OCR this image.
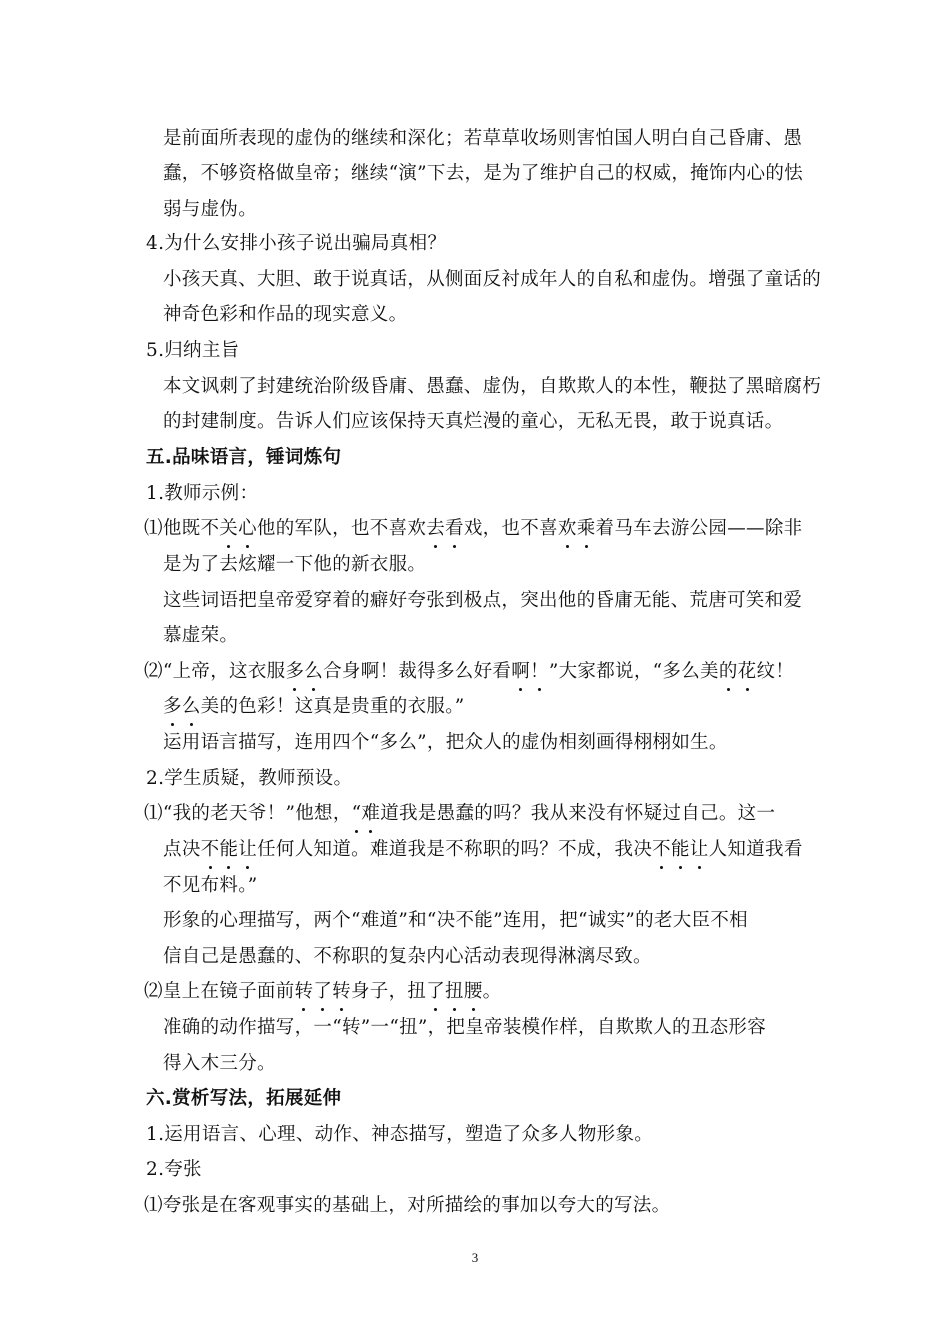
是前面所表现的虚伪的继续和深化；若草草收场则害怕国人明白自己昏庸、愚
蠢，不够资格做皇帝；继续“演”下去，是为了维护自己的权威，掩饰内心的怯
弱与虚伪。
4.为什么安排小孩子说出骗局真相？
小孩天真、大胆、敢于说真话，从侧面反衬成年人的自私和虚伪。增强了童话的
神奇色彩和作品的现实意义。
5.归纳主旨
本文讽刺了封建统治阶级昏庸、愚蠢、虚伪，自欺欺人的本性，鞭挞了黑暗腐朽
的封建制度。告诉人们应该保持天真烂漫的童心，无私无畏，敢于说真话。
五.品味语言，锤词炼句
1.教师示例：
⑴他既不关心他的军队，也不喜欢去看戏，也不喜欢乘着马车去游公园——除非
是为了去炫耀一下他的新衣服。
这些词语把皇帝爱穿着的癖好夸张到极点，突出他的昏庸无能、荒唐可笑和爱
慕虚荣。
⑵“上帝，这衣服多么合身啊！裁得多么好看啊！”大家都说，“多么美的花纹！
多么美的色彩！这真是贵重的衣服。”
运用语言描写，连用四个“多么”，把众人的虚伪相刻画得栩栩如生。
2.学生质疑，教师预设。
⑴“我的老天爷！”他想，“难道我是愚蠢的吗？我从来没有怀疑过自己。这一
点决不能让任何人知道。难道我是不称职的吗？不成，我决不能让人知道我看
不见布料。”
形象的心理描写，两个“难道”和“决不能”连用，把“诚实”的老大臣不相
信自己是愚蠢的、不称职的复杂内心活动表现得淋漓尽致。
⑵皇上在镜子面前转了转身子，扭了扭腰。
准确的动作描写，一“转”一“扭”，把皇帝装模作样，自欺欺人的丑态形容
得入木三分。
六.赏析写法，拓展延伸
1.运用语言、心理、动作、神态描写，塑造了众多人物形象。
2.夸张
⑴夸张是在客观事实的基础上，对所描绘的事加以夸大的写法。
3
